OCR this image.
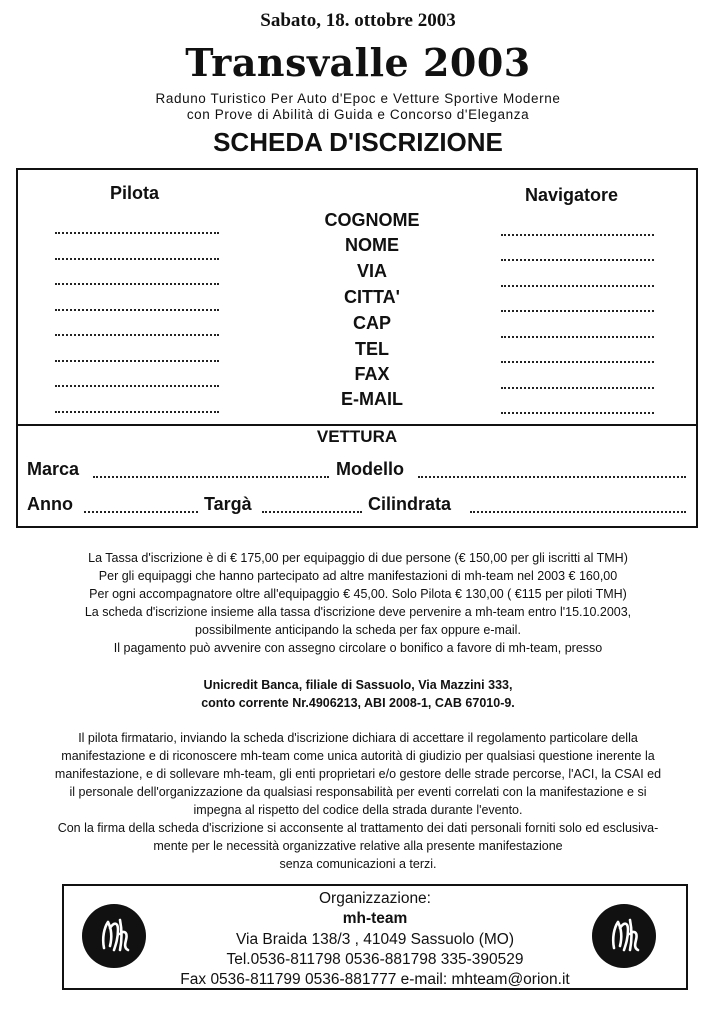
Sabato, 18. ottobre 2003
Transvalle 2003
Raduno Turistico Per Auto d'Epoc e Vetture Sportive Moderne
con Prove di Abilità di Guida e Concorso d'Eleganza
SCHEDA D'ISCRIZIONE
Pilota	Navigatore
COGNOME
NOME
VIA
CITTA'
CAP
TEL
FAX
E-MAIL
VETTURA
Marca	Modello
Anno	Targà	Cilindrata
La Tassa d'iscrizione è di € 175,00 per equipaggio di due persone (€ 150,00 per gli iscritti al TMH)
Per gli equipaggi che hanno partecipato ad altre manifestazioni di mh-team nel 2003 € 160,00
Per ogni accompagnatore oltre all'equipaggio € 45,00. Solo Pilota € 130,00 ( €115 per piloti TMH)
La scheda d'iscrizione insieme alla tassa d'iscrizione deve pervenire a mh-team entro l'15.10.2003,
possibilmente anticipando la scheda per fax oppure e-mail.
Il pagamento può avvenire con assegno circolare o bonifico a favore di mh-team, presso
Unicredit Banca, filiale di Sassuolo, Via Mazzini 333,
conto corrente Nr.4906213, ABI 2008-1, CAB 67010-9.
Il pilota firmatario, inviando la scheda d'iscrizione dichiara di accettare il regolamento particolare della
manifestazione e di riconoscere mh-team come unica autorità di giudizio per qualsiasi questione inerente la
manifestazione, e di sollevare mh-team, gli enti proprietari e/o gestore delle strade percorse, l'ACI, la CSAI ed
il personale dell'organizzazione da qualsiasi responsabilità per eventi correlati con la manifestazione e si
impegna al rispetto del codice della strada durante l'evento.
Con la firma della scheda d'iscrizione si acconsente al trattamento dei dati personali forniti solo ed esclusiva-
mente per le necessità organizzative relative alla presente manifestazione
senza comunicazioni a terzi.
Organizzazione:
mh-team
Via Braida 138/3 , 41049 Sassuolo (MO)
Tel.0536-811798 0536-881798 335-390529
Fax 0536-811799 0536-881777 e-mail: mhteam@orion.it
